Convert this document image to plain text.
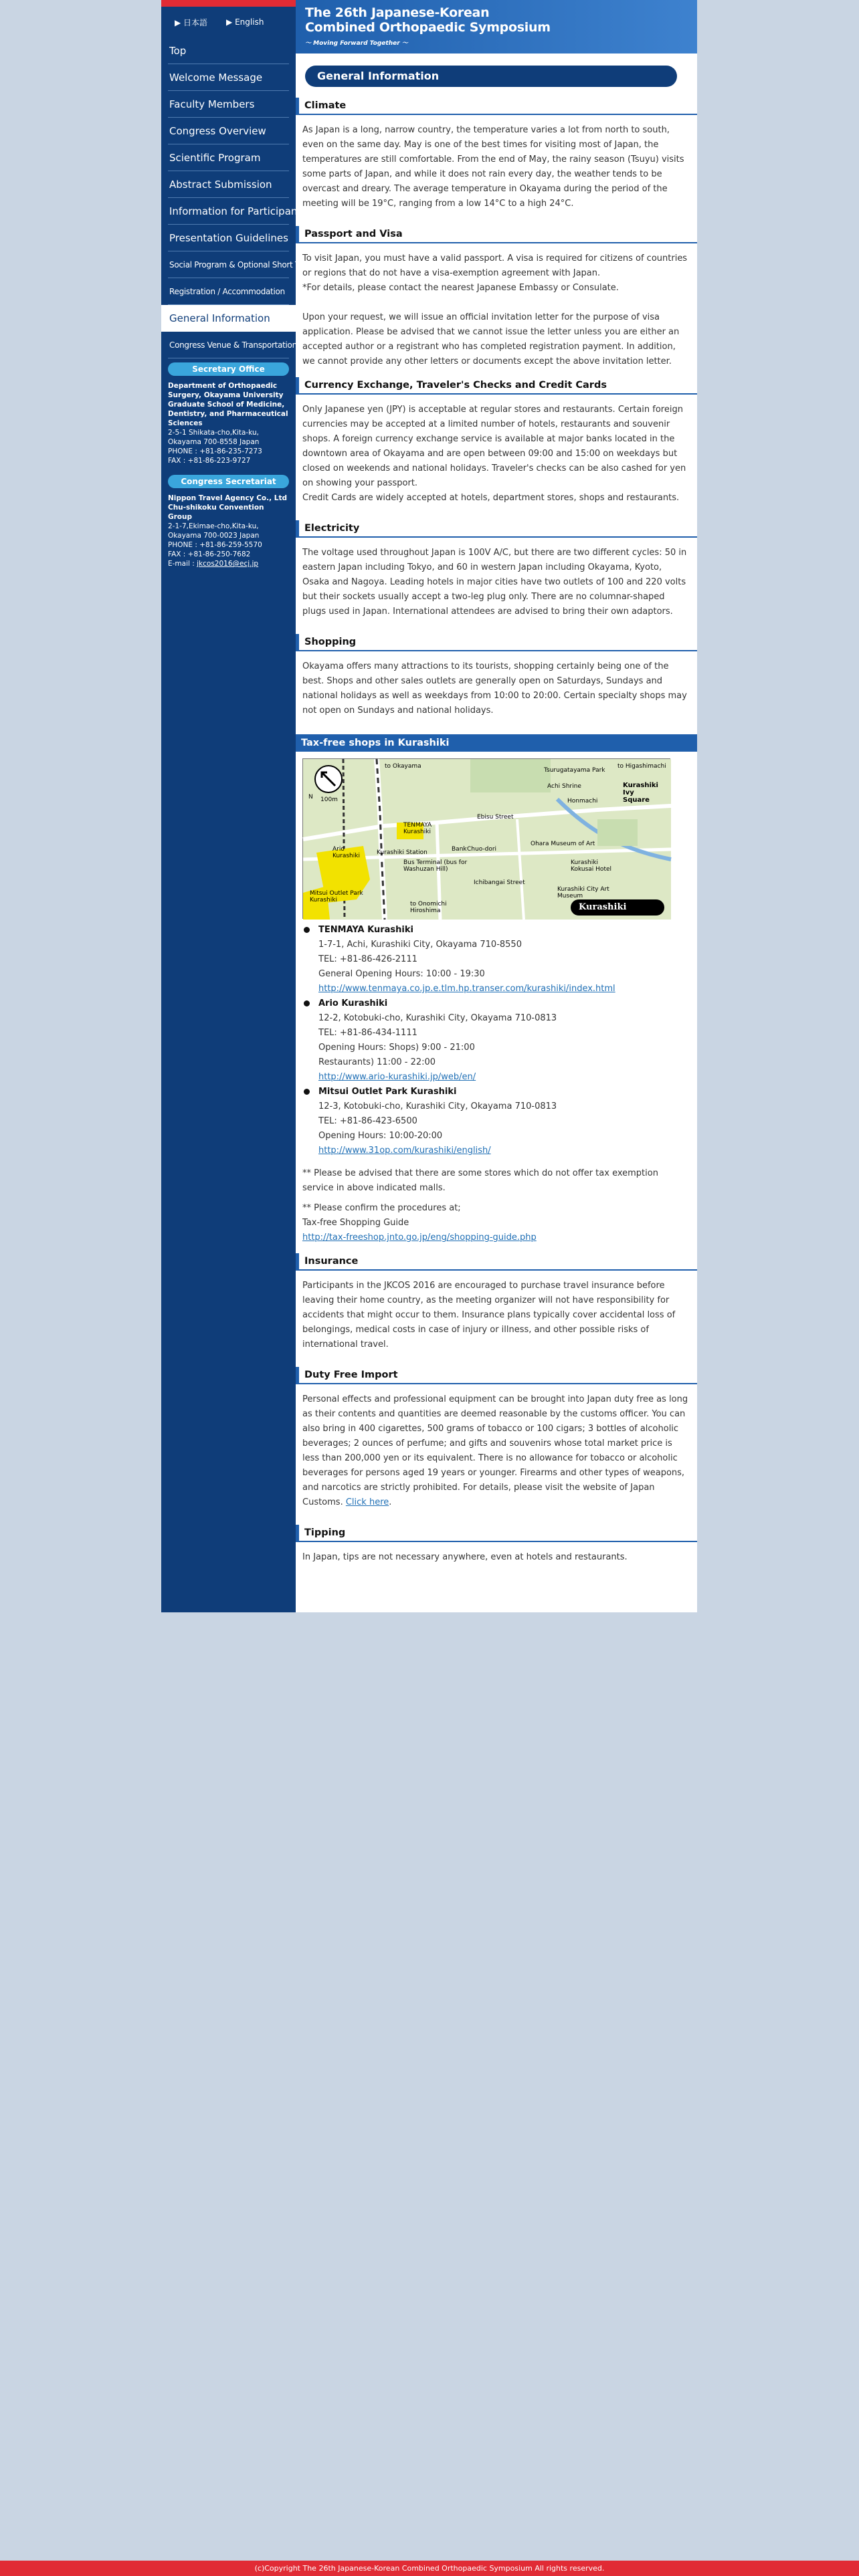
▶ 日本語 ▶ English
Top
Welcome Message
Faculty Members
Congress Overview
Scientific Program
Abstract Submission
Information for Participants
Presentation Guidelines
Social Program & Optional Short Tour
Registration / Accommodation
General Information
Congress Venue & Transportation
Secretary Office
Department of Orthopaedic Surgery, Okayama University Graduate School of Medicine, Dentistry, and Pharmaceutical Sciences
2-5-1 Shikata-cho,Kita-ku, Okayama 700-8558 Japan
PHONE : +81-86-235-7273
FAX : +81-86-223-9727
Congress Secretariat
Nippon Travel Agency Co., Ltd Chu-shikoku Convention Group
2-1-7,Ekimae-cho,Kita-ku, Okayama 700-0023 Japan
PHONE : +81-86-259-5570
FAX : +81-86-250-7682
E-mail : jkcos2016@ecj.jp
The 26th Japanese-Korean
Combined Orthopaedic Symposium
～ Moving Forward Together ～
General Information
Climate
As Japan is a long, narrow country, the temperature varies a lot from north to south, even on the same day. May is one of the best times for visiting most of Japan, the temperatures are still comfortable. From the end of May, the rainy season (Tsuyu) visits some parts of Japan, and while it does not rain every day, the weather tends to be overcast and dreary. The average temperature in Okayama during the period of the meeting will be 19°C, ranging from a low 14°C to a high 24°C.
Passport and Visa
To visit Japan, you must have a valid passport. A visa is required for citizens of countries or regions that do not have a visa-exemption agreement with Japan.
*For details, please contact the nearest Japanese Embassy or Consulate.
Upon your request, we will issue an official invitation letter for the purpose of visa application. Please be advised that we cannot issue the letter unless you are either an accepted author or a registrant who has completed registration payment. In addition, we cannot provide any other letters or documents except the above invitation letter.
Currency Exchange, Traveler's Checks and Credit Cards
Only Japanese yen (JPY) is acceptable at regular stores and restaurants. Certain foreign currencies may be accepted at a limited number of hotels, restaurants and souvenir shops. A foreign currency exchange service is available at major banks located in the downtown area of Okayama and are open between 09:00 and 15:00 on weekdays but closed on weekends and national holidays. Traveler's checks can be also cashed for yen on showing your passport.
Credit Cards are widely accepted at hotels, department stores, shops and restaurants.
Electricity
The voltage used throughout Japan is 100V A/C, but there are two different cycles: 50 in eastern Japan including Tokyo, and 60 in western Japan including Okayama, Kyoto, Osaka and Nagoya. Leading hotels in major cities have two outlets of 100 and 220 volts but their sockets usually accept a two-leg plug only. There are no columnar-shaped plugs used in Japan. International attendees are advised to bring their own adaptors.
Shopping
Okayama offers many attractions to its tourists, shopping certainly being one of the best. Shops and other sales outlets are generally open on Saturdays, Sundays and national holidays as well as weekdays from 10:00 to 20:00. Certain specialty shops may not open on Sundays and national holidays.
Tax-free shops in Kurashiki
to Okayama
Tsurugatayama Park
to Higashimachi
Achi Shrine
Honmachi
Kurashiki Ivy Square
TENMAYA Kurashiki
Ebisu Street
Chuo-dori
Ario Kurashiki	Kurashiki Station	Bank
Ohara Museum of Art
Kurashiki Kokusai Hotel
Bus Terminal (bus for Washuzan Hill)
Ichibangai Street
Kurashiki City Art Museum
Mitsui Outlet Park Kurashiki
to Onomichi Hiroshima	Kurashiki
100m
N
TENMAYA Kurashiki
1-7-1, Achi, Kurashiki City, Okayama 710-8550
TEL: +81-86-426-2111
General Opening Hours: 10:00 - 19:30
http://www.tenmaya.co.jp.e.tlm.hp.transer.com/kurashiki/index.html
Ario Kurashiki
12-2, Kotobuki-cho, Kurashiki City, Okayama 710-0813
TEL: +81-86-434-1111
Opening Hours: Shops) 9:00 - 21:00
Restaurants) 11:00 - 22:00
http://www.ario-kurashiki.jp/web/en/
Mitsui Outlet Park Kurashiki
12-3, Kotobuki-cho, Kurashiki City, Okayama 710-0813
TEL: +81-86-423-6500
Opening Hours: 10:00-20:00
http://www.31op.com/kurashiki/english/
** Please be advised that there are some stores which do not offer tax exemption service in above indicated malls.
** Please confirm the procedures at;
Tax-free Shopping Guide
http://tax-freeshop.jnto.go.jp/eng/shopping-guide.php
Insurance
Participants in the JKCOS 2016 are encouraged to purchase travel insurance before leaving their home country, as the meeting organizer will not have responsibility for accidents that might occur to them. Insurance plans typically cover accidental loss of belongings, medical costs in case of injury or illness, and other possible risks of international travel.
Duty Free Import
Personal effects and professional equipment can be brought into Japan duty free as long as their contents and quantities are deemed reasonable by the customs officer. You can also bring in 400 cigarettes, 500 grams of tobacco or 100 cigars; 3 bottles of alcoholic beverages; 2 ounces of perfume; and gifts and souvenirs whose total market price is less than 200,000 yen or its equivalent. There is no allowance for tobacco or alcoholic beverages for persons aged 19 years or younger. Firearms and other types of weapons, and narcotics are strictly prohibited. For details, please visit the website of Japan Customs. Click here.
Tipping
In Japan, tips are not necessary anywhere, even at hotels and restaurants.
(c)Copyright The 26th Japanese-Korean Combined Orthopaedic Symposium All rights reserved.
